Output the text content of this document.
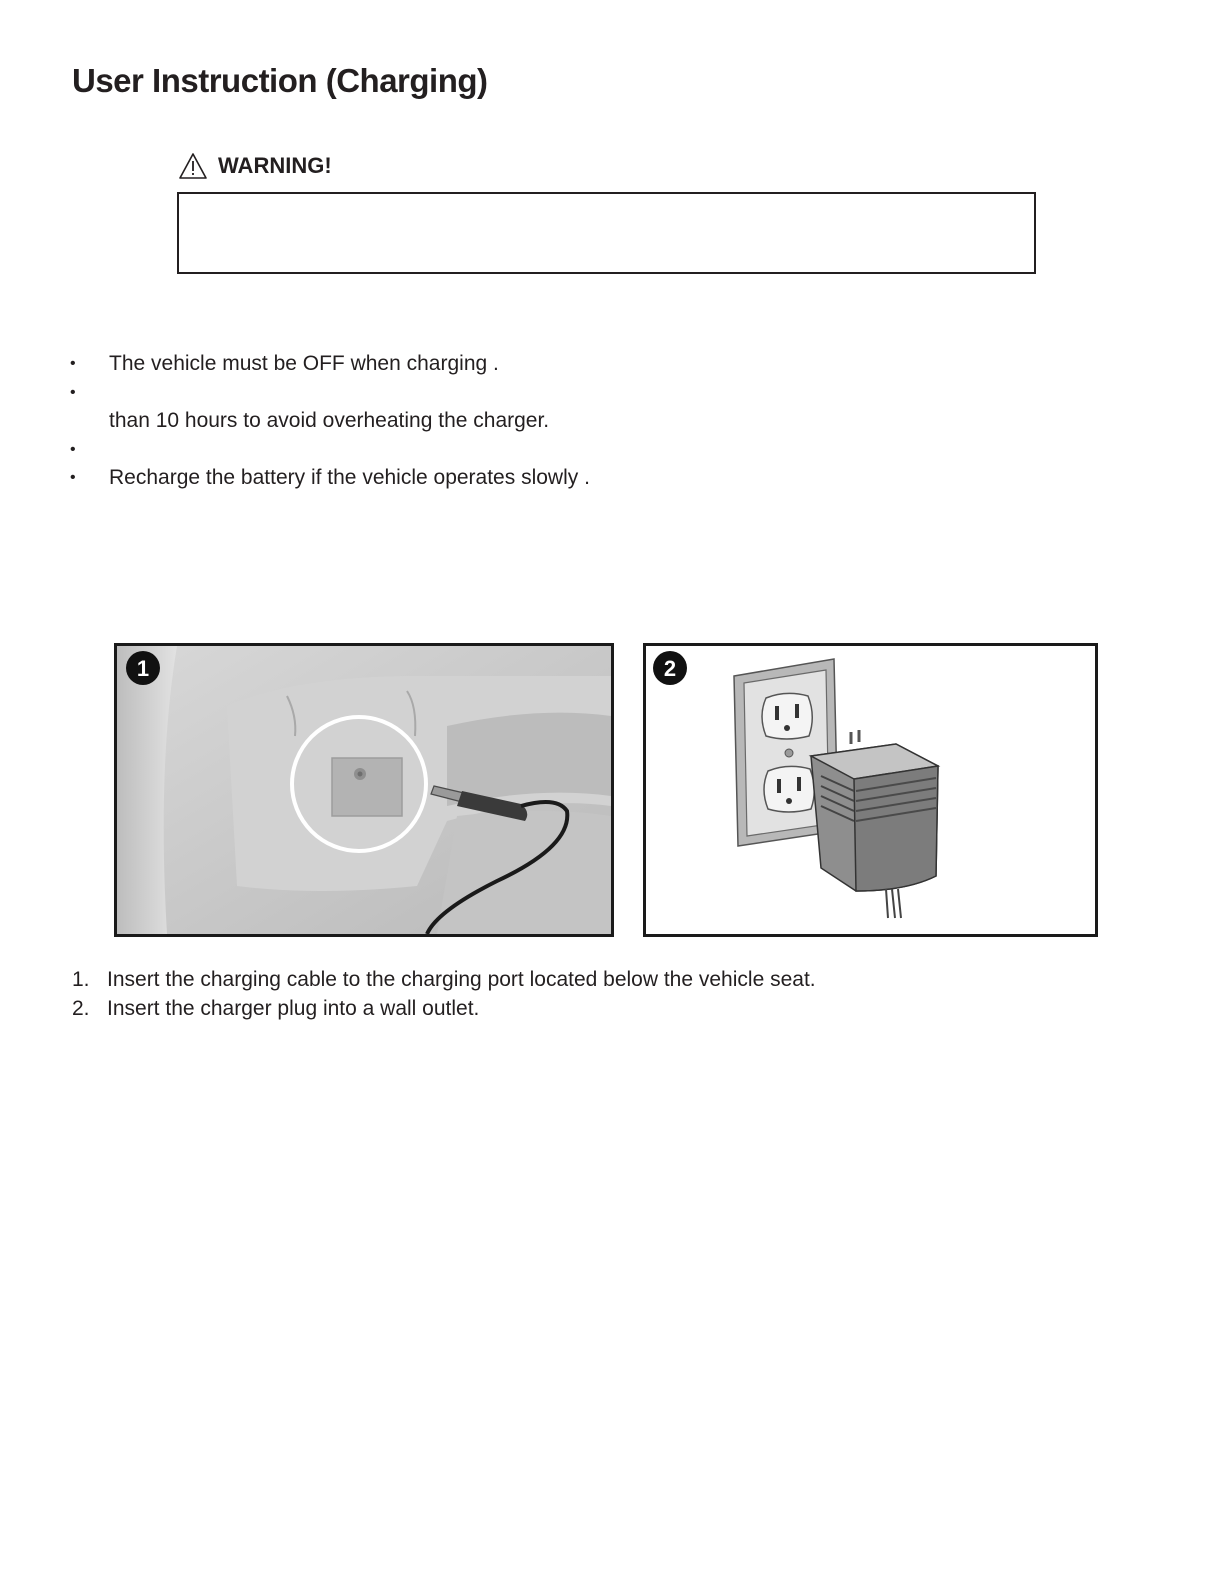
User Instruction (Charging)
WARNING!
•	The vehicle must be OFF when charging .
•
than 10 hours to avoid overheating the charger.
•
•	Recharge the battery if the vehicle operates slowly .
1	2
1. Insert the charging cable to the charging port located below the vehicle seat.
2. Insert the charger plug into a wall outlet.
